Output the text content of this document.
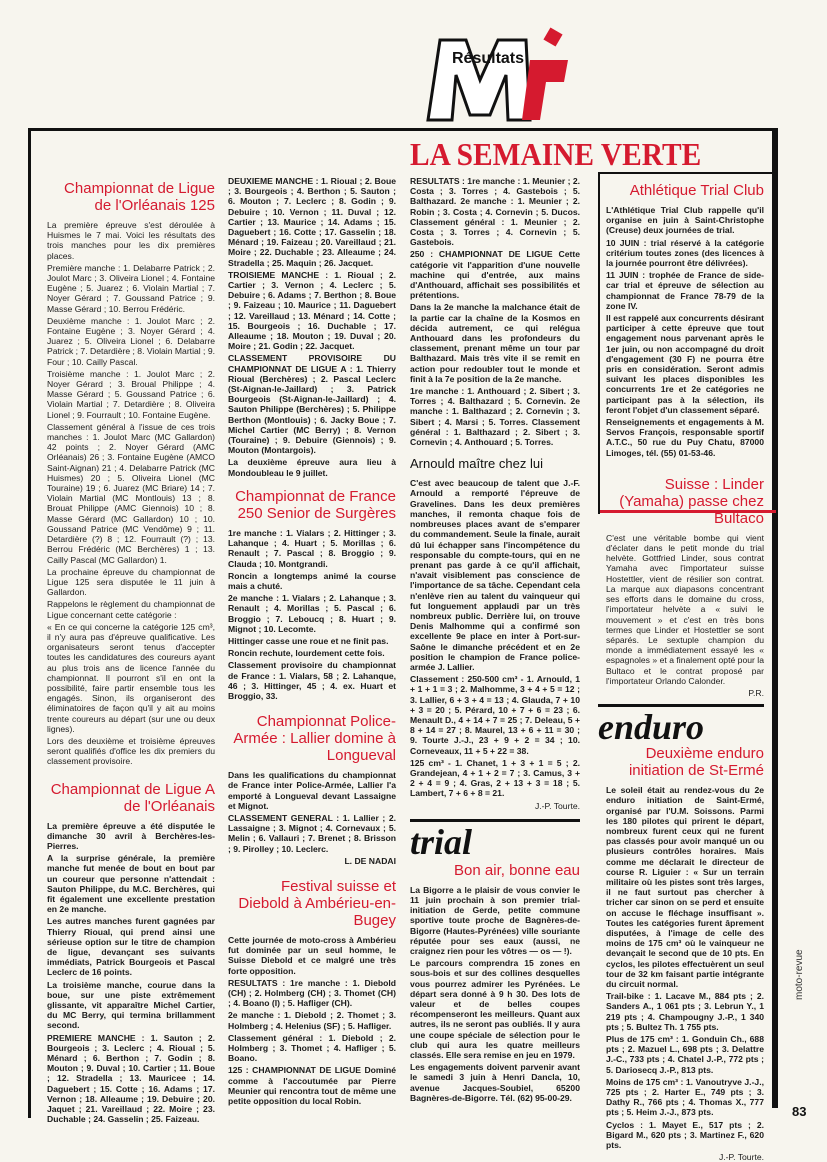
Résultats
LA SEMAINE VERTE
Championnat de Ligue de l'Orléanais 125

La première épreuve s'est déroulée à Huismes le 7 mai. Voici les résultats des trois manches pour les dix premières places.

Première manche : 1. Delabarre Patrick ; 2. Joulot Marc ; 3. Oliveira Lionel ; 4. Fontaine Eugène ; 5. Juarez ; 6. Violain Martial ; 7. Noyer Gérard ; 7. Goussand Patrice ; 9. Masse Gérard ; 10. Berrou Frédéric.

Deuxième manche : 1. Joulot Marc ; 2. Fontaine Eugène ; 3. Noyer Gérard ; 4. Juarez ; 5. Oliveira Lionel ; 6. Delabarre Patrick ; 7. Detardière ; 8. Violain Martial ; 9. Four ; 10. Cailly Pascal.

Troisième manche : 1. Joulot Marc ; 2. Noyer Gérard ; 3. Broual Philippe ; 4. Masse Gérard ; 5. Goussand Patrice ; 6. Violain Martial ; 7. Detardière ; 8. Oliveira Lionel ; 9. Fourrault ; 10. Fontaine Eugène.

Classement général à l'issue de ces trois manches : 1. Joulot Marc (MC Gallardon) 42 points ; 2. Noyer Gérard (AMC Orléanais) 26 ; 3. Fontaine Eugène (AMCO Saint-Aignan) 21 ; 4. Delabarre Patrick (MC Huismes) 20 ; 5. Oliveira Lionel (MC Touraine) 19 ; 6. Juarez (MC Briare) 14 ; 7. Violain Martial (MC Montlouis) 13 ; 8. Brouat Philippe (AMC Giennois) 10 ; 8. Masse Gérard (MC Gallardon) 10 ; 10. Goussand Patrice (MC Vendôme) 9 ; 11. Detardière (?) 8 ; 12. Fourrault (?) ; 13. Berrou Frédéric (MC Berchères) 1 ; 13. Cailly Pascal (MC Gallardon) 1.

La prochaine épreuve du championnat de Ligue 125 sera disputée le 11 juin à Gallardon.

Rappelons le règlement du championnat de Ligue concernant cette catégorie :

« En ce qui concerne la catégorie 125 cm³, il n'y aura pas d'épreuve qualificative. Les organisateurs seront tenus d'accepter toutes les candidatures des coureurs ayant au plus trois ans de licence l'année du championnat. Il pourront s'il en ont la possibilité, faire partir ensemble tous les engagés. Sinon, ils organiseront des éliminatoires de façon qu'il y ait au moins trente coureurs au départ (sur une ou deux lignes).

Lors des deuxième et troisième épreuves seront qualifiés d'office les dix premiers du classement provisoire.

Championnat de Ligue A de l'Orléanais

La première épreuve a été disputée le dimanche 30 avril à Berchères-les-Pierres.

A la surprise générale, la première manche fut menée de bout en bout par un coureur que personne n'attendait : Sauton Philippe, du M.C. Berchères, qui fit également une excellente prestation en 2e manche.

Les autres manches furent gagnées par Thierry Rioual, qui prend ainsi une sérieuse option sur le titre de champion de ligue, devançant ses suivants immédiats, Patrick Bourgeois et Pascal Leclerc de 16 points.

La troisième manche, courue dans la boue, sur une piste extrêmement glissante, vit apparaître Michel Cartier, du MC Berry, qui termina brillamment second.

PREMIERE MANCHE : 1. Sauton ; 2. Bourgeois ; 3. Leclerc ; 4. Rioual ; 5. Ménard ; 6. Berthon ; 7. Godin ; 8. Mouton ; 9. Duval ; 10. Cartier ; 11. Boue ; 12. Stradella ; 13. Mauricee ; 14. Daguebert ; 15. Cotte ; 16. Adams ; 17. Vernon ; 18. Alleaume ; 19. Debuire ; 20. Jaquet ; 21. Vareillaud ; 22. Moire ; 23. Duchable ; 24. Gasselin ; 25. Faizeau.

DEUXIEME MANCHE : 1. Rioual ; 2. Boue ; 3. Bourgeois ; 4. Berthon ; 5. Sauton ; 6. Mouton ; 7. Leclerc ; 8. Godin ; 9. Debuire ; 10. Vernon ; 11. Duval ; 12. Cartier ; 13. Maurice ; 14. Adams ; 15. Daguebert ; 16. Cotte ; 17. Gasselin ; 18. Ménard ; 19. Faizeau ; 20. Vareillaud ; 21. Moire ; 22. Duchable ; 23. Alleaume ; 24. Stradella ; 25. Maquin ; 26. Jacquet.

TROISIEME MANCHE : 1. Rioual ; 2. Cartier ; 3. Vernon ; 4. Leclerc ; 5. Debuire ; 6. Adams ; 7. Berthon ; 8. Boue ; 9. Faizeau ; 10. Maurice ; 11. Daguebert ; 12. Vareillaud ; 13. Ménard ; 14. Cotte ; 15. Bourgeois ; 16. Duchable ; 17. Alleaume ; 18. Mouton ; 19. Duval ; 20. Moire ; 21. Godin ; 22. Jacquet.

CLASSEMENT PROVISOIRE DU CHAMPIONNAT DE LIGUE A : 1. Thierry Rioual (Berchères) ; 2. Pascal Leclerc (St-Aignan-le-Jaillard) ; 3. Patrick Bourgeois (St-Aignan-le-Jaillard) ; 4. Sauton Philippe (Berchères) ; 5. Philippe Berthon (Montlouis) ; 6. Jacky Boue ; 7. Michel Cartier (MC Berry) ; 8. Vernon (Touraine) ; 9. Debuire (Giennois) ; 9. Mouton (Montargois).

La deuxième épreuve aura lieu à Mondoubleau le 9 juillet.

Championnat de France 250 Senior de Surgères

1re manche : 1. Vialars ; 2. Hittinger ; 3. Lahanque ; 4. Huart ; 5. Morillas ; 6. Renault ; 7. Pascal ; 8. Broggio ; 9. Clauda ; 10. Montgrandi.

Roncin a longtemps animé la course mais a chuté.

2e manche : 1. Vialars ; 2. Lahanque ; 3. Renault ; 4. Morillas ; 5. Pascal ; 6. Broggio ; 7. Leboucq ; 8. Huart ; 9. Mignot ; 10. Lecomte.

Hittinger casse une roue et ne finit pas.

Roncin rechute, lourdement cette fois.

Classement provisoire du championnat de France : 1. Vialars, 58 ; 2. Lahanque, 46 ; 3. Hittinger, 45 ; 4. ex. Huart et Broggio, 33.

Championnat Police-Armée : Lallier domine à Longueval

Dans les qualifications du championnat de France inter Police-Armée, Lallier l'a emporté à Longueval devant Lassaigne et Mignot.

CLASSEMENT GENERAL : 1. Lallier ; 2. Lassaigne ; 3. Mignot ; 4. Cornevaux ; 5. Melin ; 6. Vallauri ; 7. Brenet ; 8. Brisson ; 9. Pirolley ; 10. Leclerc.

L. DE NADAI
Festival suisse et Diebold à Ambérieu-en-Bugey

Cette journée de moto-cross à Ambérieu fut dominée par un seul homme, le Suisse Diebold et ce malgré une très forte opposition.

RESULTATS : 1re manche : 1. Diebold (CH) ; 2. Holmberg (CH) ; 3. Thomet (CH) ; 4. Boano (I) ; 5. Hafliger (CH).

2e manche : 1. Diebold ; 2. Thomet ; 3. Holmberg ; 4. Helenius (SF) ; 5. Hafliger.

Classement général : 1. Diebold ; 2. Holmberg ; 3. Thomet ; 4. Hafliger ; 5. Boano.

125 : CHAMPIONNAT DE LIGUE Dominé comme à l'accoutumée par Pierre Meunier qui rencontra tout de même une petite opposition du local Robin.

RESULTATS : 1re manche : 1. Meunier ; 2. Costa ; 3. Torres ; 4. Gastebois ; 5. Balthazard. 2e manche : 1. Meunier ; 2. Robin ; 3. Costa ; 4. Cornevin ; 5. Ducos. Classement général : 1. Meunier ; 2. Costa ; 3. Torres ; 4. Cornevin ; 5. Gastebois.

250 : CHAMPIONNAT DE LIGUE Cette catégorie vit l'apparition d'une nouvelle machine qui d'entrée, aux mains d'Anthouard, affichait ses possibilités et prétentions.

Dans la 2e manche la malchance était de la partie car la chaîne de la Kosmos en décida autrement, ce qui relégua Anthouard dans les profondeurs du classement, prenant même un tour par Balthazard. Mais très vite il se remit en action pour redoubler tout le monde et finit à la 7e position de la 2e manche.

1re manche : 1. Anthouard ; 2. Sibert ; 3. Torres ; 4. Balthazard ; 5. Cornevin. 2e manche : 1. Balthazard ; 2. Cornevin ; 3. Sibert ; 4. Marsi ; 5. Torres. Classement général : 1. Balthazard ; 2. Sibert ; 3. Cornevin ; 4. Anthouard ; 5. Torres.

Arnould maître chez lui

C'est avec beaucoup de talent que J.-F. Arnould a remporté l'épreuve de Gravelines. Dans les deux premières manches, il remonta chaque fois de nombreuses places avant de s'emparer du commandement. Seule la finale, aurait dû lui échapper sans l'incompétence du responsable du compte-tours, qui en ne prenant pas garde à ce qu'il affichait, n'avait visiblement pas conscience de l'importance de sa tâche. Cependant cela n'enlève rien au talent du vainqueur qui fut longuement applaudi par un très nombreux public. Derrière lui, on trouve Denis Malhomme qui a confirmé son excellente 9e place en inter à Port-sur-Saône le dimanche précédent et en 2e position le champion de France police-armée J. Lallier.

Classement : 250-500 cm³ - 1. Arnould, 1 + 1 + 1 = 3 ; 2. Malhomme, 3 + 4 + 5 = 12 ; 3. Lallier, 6 + 3 + 4 = 13 ; 4. Glauda, 7 + 10 + 3 = 20 ; 5. Pérard, 10 + 7 + 6 = 23 ; 6. Menault D., 4 + 14 + 7 = 25 ; 7. Deleau, 5 + 8 + 14 = 27 ; 8. Maurel, 13 + 6 + 11 = 30 ; 9. Tourte J.-J., 23 + 9 + 2 = 34 ; 10. Corneveaux, 11 + 5 + 22 = 38.

125 cm³ - 1. Chanet, 1 + 3 + 1 = 5 ; 2. Grandejean, 4 + 1 + 2 = 7 ; 3. Camus, 3 + 2 + 4 = 9 ; 4. Gras, 2 + 13 + 3 = 18 ; 5. Lambert, 7 + 6 + 8 = 21.

J.-P. Tourte.
trial
Bon air, bonne eau

La Bigorre a le plaisir de vous convier le 11 juin prochain à son premier trial-initiation de Gerde, petite commune sportive toute proche de Bagnères-de-Bigorre (Hautes-Pyrénées) ville souriante réputée pour ses eaux (aussi, ne craignez rien pour les vôtres — os — !).

Le parcours comprendra 15 zones en sous-bois et sur des collines desquelles vous pourrez admirer les Pyrénées. Le départ sera donné à 9 h 30. Des lots de valeur et de belles coupes récompenseront les meilleurs. Quant aux autres, ils ne seront pas oubliés. Il y aura une coupe spéciale de sélection pour le club qui aura les quatre meilleurs classés. Elle sera remise en jeu en 1979.

Les engagements doivent parvenir avant le samedi 3 juin à Henri Dancla, 10, avenue Jacques-Soubiel, 65200 Bagnères-de-Bigorre. Tél. (62) 95-00-29.

Athlétique Trial Club

L'Athlétique Trial Club rappelle qu'il organise en juin à Saint-Christophe (Creuse) deux journées de trial.

10 JUIN : trial réservé à la catégorie critérium toutes zones (des licences à la journée pourront être délivrées).

11 JUIN : trophée de France de side-car trial et épreuve de sélection au championnat de France 78-79 de la zone IV.

Il est rappelé aux concurrents désirant participer à cette épreuve que tout engagement nous parvenant après le 1er juin, ou non accompagné du droit d'engagement (30 F) ne pourra être pris en considération. Seront admis suivant les places disponibles les concurrents 1re et 2e catégories ne participant pas à la sélection, ils feront l'objet d'un classement séparé.

Renseignements et engagements à M. Servos François, responsable sportif A.T.C., 50 rue du Puy Chatu, 87000 Limoges, tél. (55) 01-53-46.

Suisse : Linder (Yamaha) passe chez Bultaco

C'est une véritable bombe qui vient d'éclater dans le petit monde du trial helvète. Gottfried Linder, sous contrat Yamaha avec l'importateur suisse Hostettler, vient de résilier son contrat. La marque aux diapasons concentrant ses efforts dans le domaine du cross, l'importateur helvète a « suivi le mouvement » et c'est en très bons termes que Linder et Hostettler se sont séparés. Le sextuple champion du monde a immédiatement essayé les « espagnoles » et a finalement opté pour la Bultaco et le contrat proposé par l'importateur Orlando Calonder.

P.R.
enduro
Deuxième enduro initiation de St-Ermé

Le soleil était au rendez-vous du 2e enduro initiation de Saint-Ermé, organisé par l'U.M. Soissons. Parmi les 180 pilotes qui prirent le départ, nombreux furent ceux qui ne furent pas classés pour avoir manqué un ou plusieurs contrôles horaires. Mais comme me déclarait le directeur de course R. Liguier : « Sur un terrain militaire où les pistes sont très larges, il ne faut surtout pas chercher à tricher car sinon on se perd et ensuite on accuse le fléchage insuffisant ». Toutes les catégories furent âprement disputées, à l'image de celle des moins de 175 cm³ où le vainqueur ne devançait le second que de 10 pts. En cyclos, les pilotes effectuèrent un seul tour de 32 km faisant partie intégrante du circuit normal.

Trail-bike : 1. Lacave M., 884 pts ; 2. Sanders A., 1 061 pts ; 3. Lebrun Y., 1 219 pts ; 4. Champougny J.-P., 1 340 pts ; 5. Bultez Th. 1 755 pts.

Plus de 175 cm³ : 1. Gonduin Ch., 688 pts ; 2. Mazuel L., 698 pts ; 3. Delattre J.-C., 733 pts ; 4. Chatel J.-P., 772 pts ; 5. Dariosecq J.-P., 813 pts.

Moins de 175 cm³ : 1. Vanoutryve J.-J., 725 pts ; 2. Harter E., 749 pts ; 3. Dathy R., 766 pts ; 4. Thomas X., 777 pts ; 5. Heim J.-J., 873 pts.

Cyclos : 1. Mayet E., 517 pts ; 2. Bigard M., 620 pts ; 3. Martinez F., 620 pts.

J.-P. Tourte.
moto-revue
83
